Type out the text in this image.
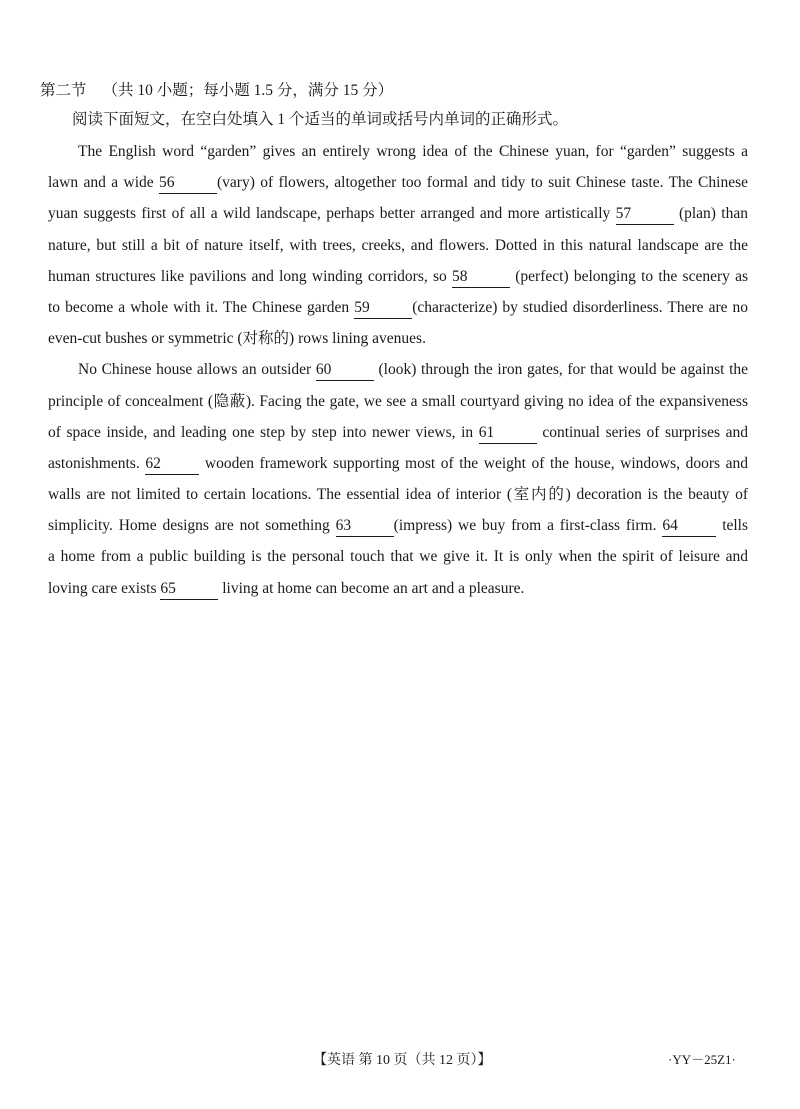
第二节 （共 10 小题；每小题 1.5 分，满分 15 分）
阅读下面短文，在空白处填入 1 个适当的单词或括号内单词的正确形式。
The English word “garden” gives an entirely wrong idea of the Chinese yuan, for “garden” suggests a
lawn and a wide 56	(vary) of flowers, altogether too formal and tidy to suit Chinese taste. The Chinese
yuan suggests first of all a wild landscape, perhaps better arranged and more artistically 57	(plan) than
nature, but still a bit of nature itself, with trees, creeks, and flowers. Dotted in this natural landscape are the
human structures like pavilions and long winding corridors, so 58	(perfect) belonging to the scenery as
to become a whole with it. The Chinese garden 59	(characterize) by studied disorderliness. There are no
even-cut bushes or symmetric (对称的) rows lining avenues.
No Chinese house allows an outsider 60	(look) through the iron gates, for that would be against the
principle of concealment (隐蔽). Facing the gate, we see a small courtyard giving no idea of the expansiveness
of space inside, and leading one step by step into newer views, in 61	continual series of surprises and
astonishments. 62	wooden framework supporting most of the weight of the house, windows, doors and
walls are not limited to certain locations. The essential idea of interior (室内的) decoration is the beauty of
simplicity. Home designs are not something 63	(impress) we buy from a first-class firm. 64	tells
a home from a public building is the personal touch that we give it. It is only when the spirit of leisure and
loving care exists 65	living at home can become an art and a pleasure.
【英语 第 10 页（共 12 页）】	·YY－25Z1·
